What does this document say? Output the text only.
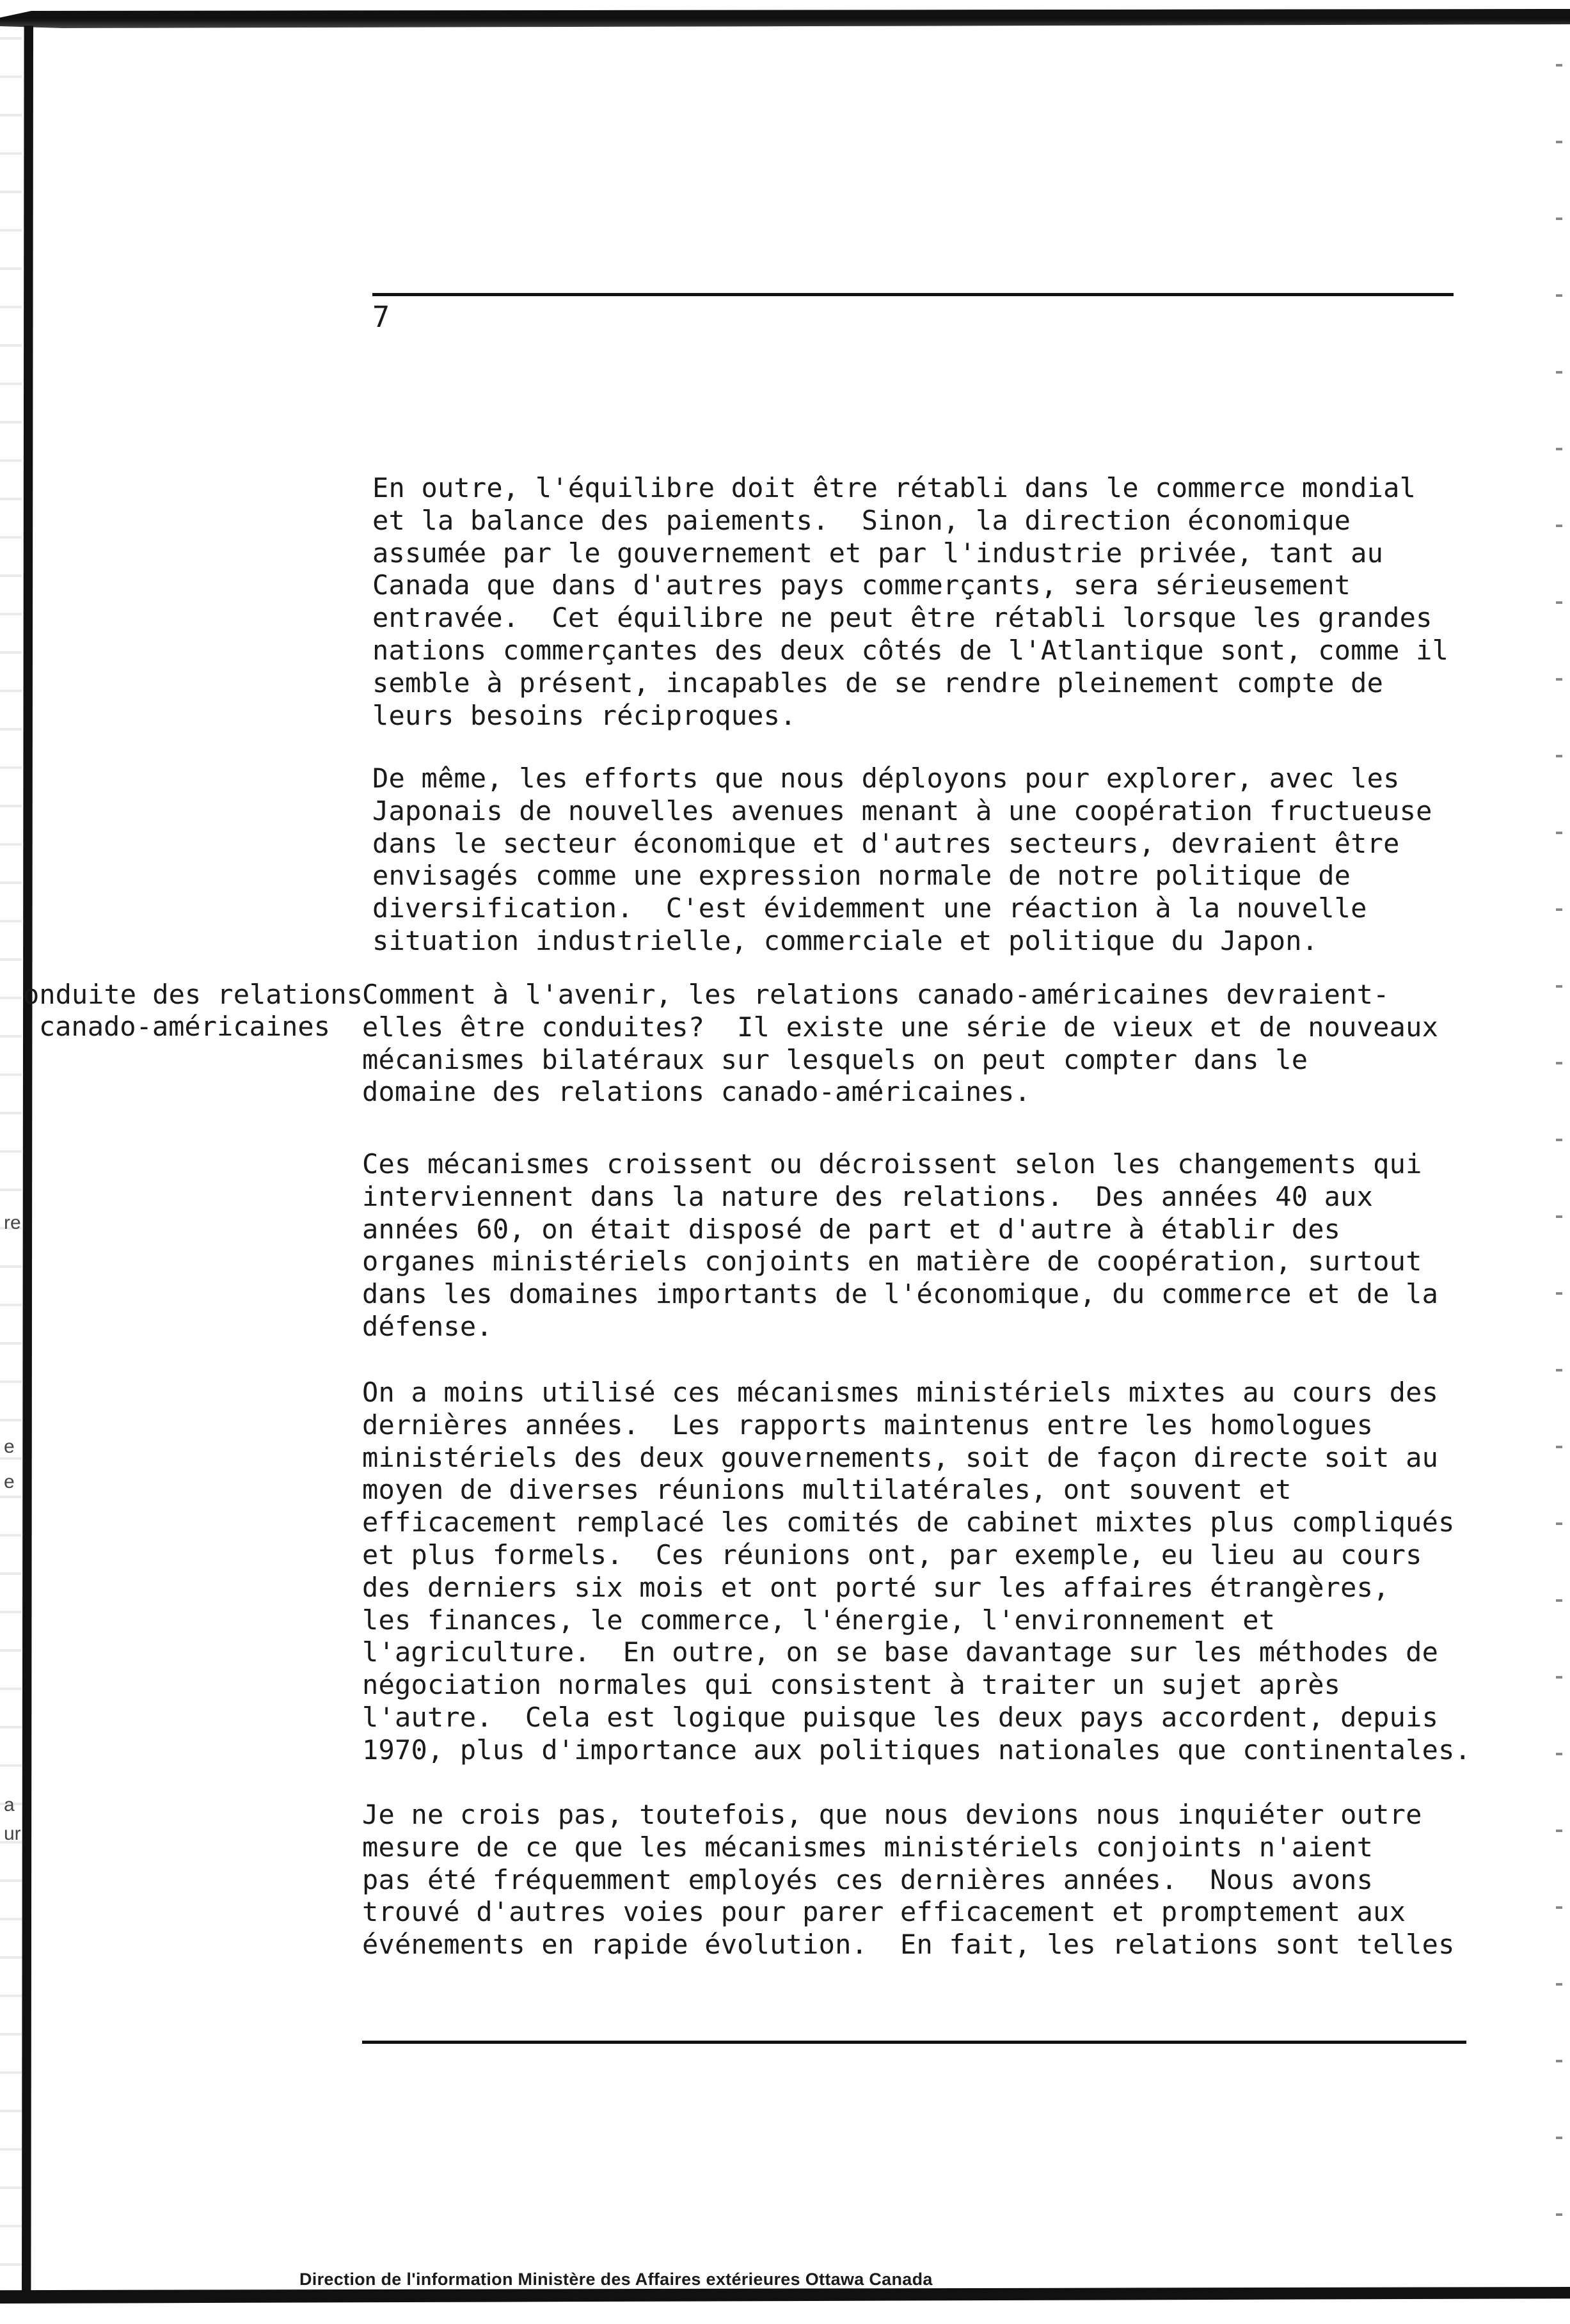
re
e
e
a
ur
7
onduite des relations
canado-américaines

En outre, l'équilibre doit être rétabli dans le commerce mondial
et la balance des paiements.  Sinon, la direction économique
assumée par le gouvernement et par l'industrie privée, tant au
Canada que dans d'autres pays commerçants, sera sérieusement
entravée.  Cet équilibre ne peut être rétabli lorsque les grandes
nations commerçantes des deux côtés de l'Atlantique sont, comme il
semble à présent, incapables de se rendre pleinement compte de
leurs besoins réciproques.

De même, les efforts que nous déployons pour explorer, avec les
Japonais de nouvelles avenues menant à une coopération fructueuse
dans le secteur économique et d'autres secteurs, devraient être
envisagés comme une expression normale de notre politique de
diversification.  C'est évidemment une réaction à la nouvelle
situation industrielle, commerciale et politique du Japon.

Comment à l'avenir, les relations canado-américaines devraient-
elles être conduites?  Il existe une série de vieux et de nouveaux
mécanismes bilatéraux sur lesquels on peut compter dans le
domaine des relations canado-américaines.

Ces mécanismes croissent ou décroissent selon les changements qui
interviennent dans la nature des relations.  Des années 40 aux
années 60, on était disposé de part et d'autre à établir des
organes ministériels conjoints en matière de coopération, surtout
dans les domaines importants de l'économique, du commerce et de la
défense.

On a moins utilisé ces mécanismes ministériels mixtes au cours des
dernières années.  Les rapports maintenus entre les homologues
ministériels des deux gouvernements, soit de façon directe soit au
moyen de diverses réunions multilatérales, ont souvent et
efficacement remplacé les comités de cabinet mixtes plus compliqués
et plus formels.  Ces réunions ont, par exemple, eu lieu au cours
des derniers six mois et ont porté sur les affaires étrangères,
les finances, le commerce, l'énergie, l'environnement et
l'agriculture.  En outre, on se base davantage sur les méthodes de
négociation normales qui consistent à traiter un sujet après
l'autre.  Cela est logique puisque les deux pays accordent, depuis
1970, plus d'importance aux politiques nationales que continentales.

Je ne crois pas, toutefois, que nous devions nous inquiéter outre
mesure de ce que les mécanismes ministériels conjoints n'aient
pas été fréquemment employés ces dernières années.  Nous avons
trouvé d'autres voies pour parer efficacement et promptement aux
événements en rapide évolution.  En fait, les relations sont telles

Direction de l'information Ministère des Affaires extérieures Ottawa Canada
